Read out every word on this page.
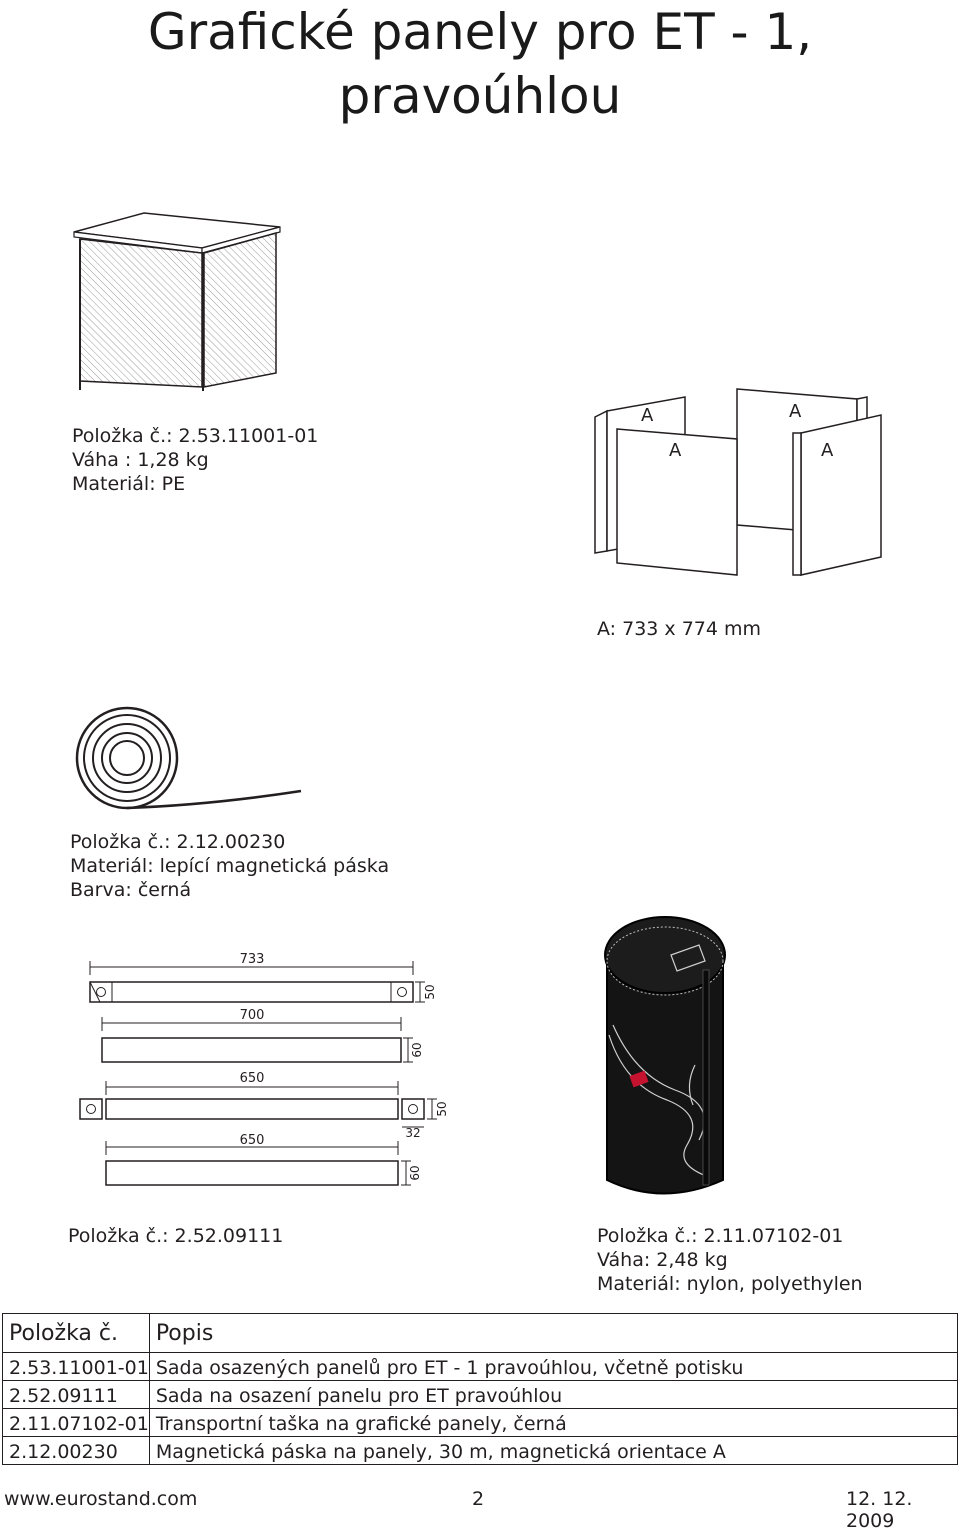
Grafické panely pro ET - 1,
pravoúhlou
Položka č.: 2.53.11001-01
Váha : 1,28 kg
Materiál: PE
A	A
A	A
A: 733 x 774 mm
Položka č.: 2.12.00230
Materiál: lepící magnetická páska
Barva: černá
733
700
650
650	32
50
60
50
60
Položka č.: 2.52.09111	Položka č.: 2.11.07102-01
Váha: 2,48 kg
Materiál: nylon, polyethylen
Položka č.	Popis
2.53.11001-01	Sada osazených panelů pro ET - 1 pravoúhlou, včetně potisku
2.52.09111	Sada na osazení panelu pro ET pravoúhlou
2.11.07102-01	Transportní taška na grafické panely, černá
2.12.00230	Magnetická páska na panely, 30 m, magnetická orientace A
www.eurostand.com	2	12. 12. 2009
